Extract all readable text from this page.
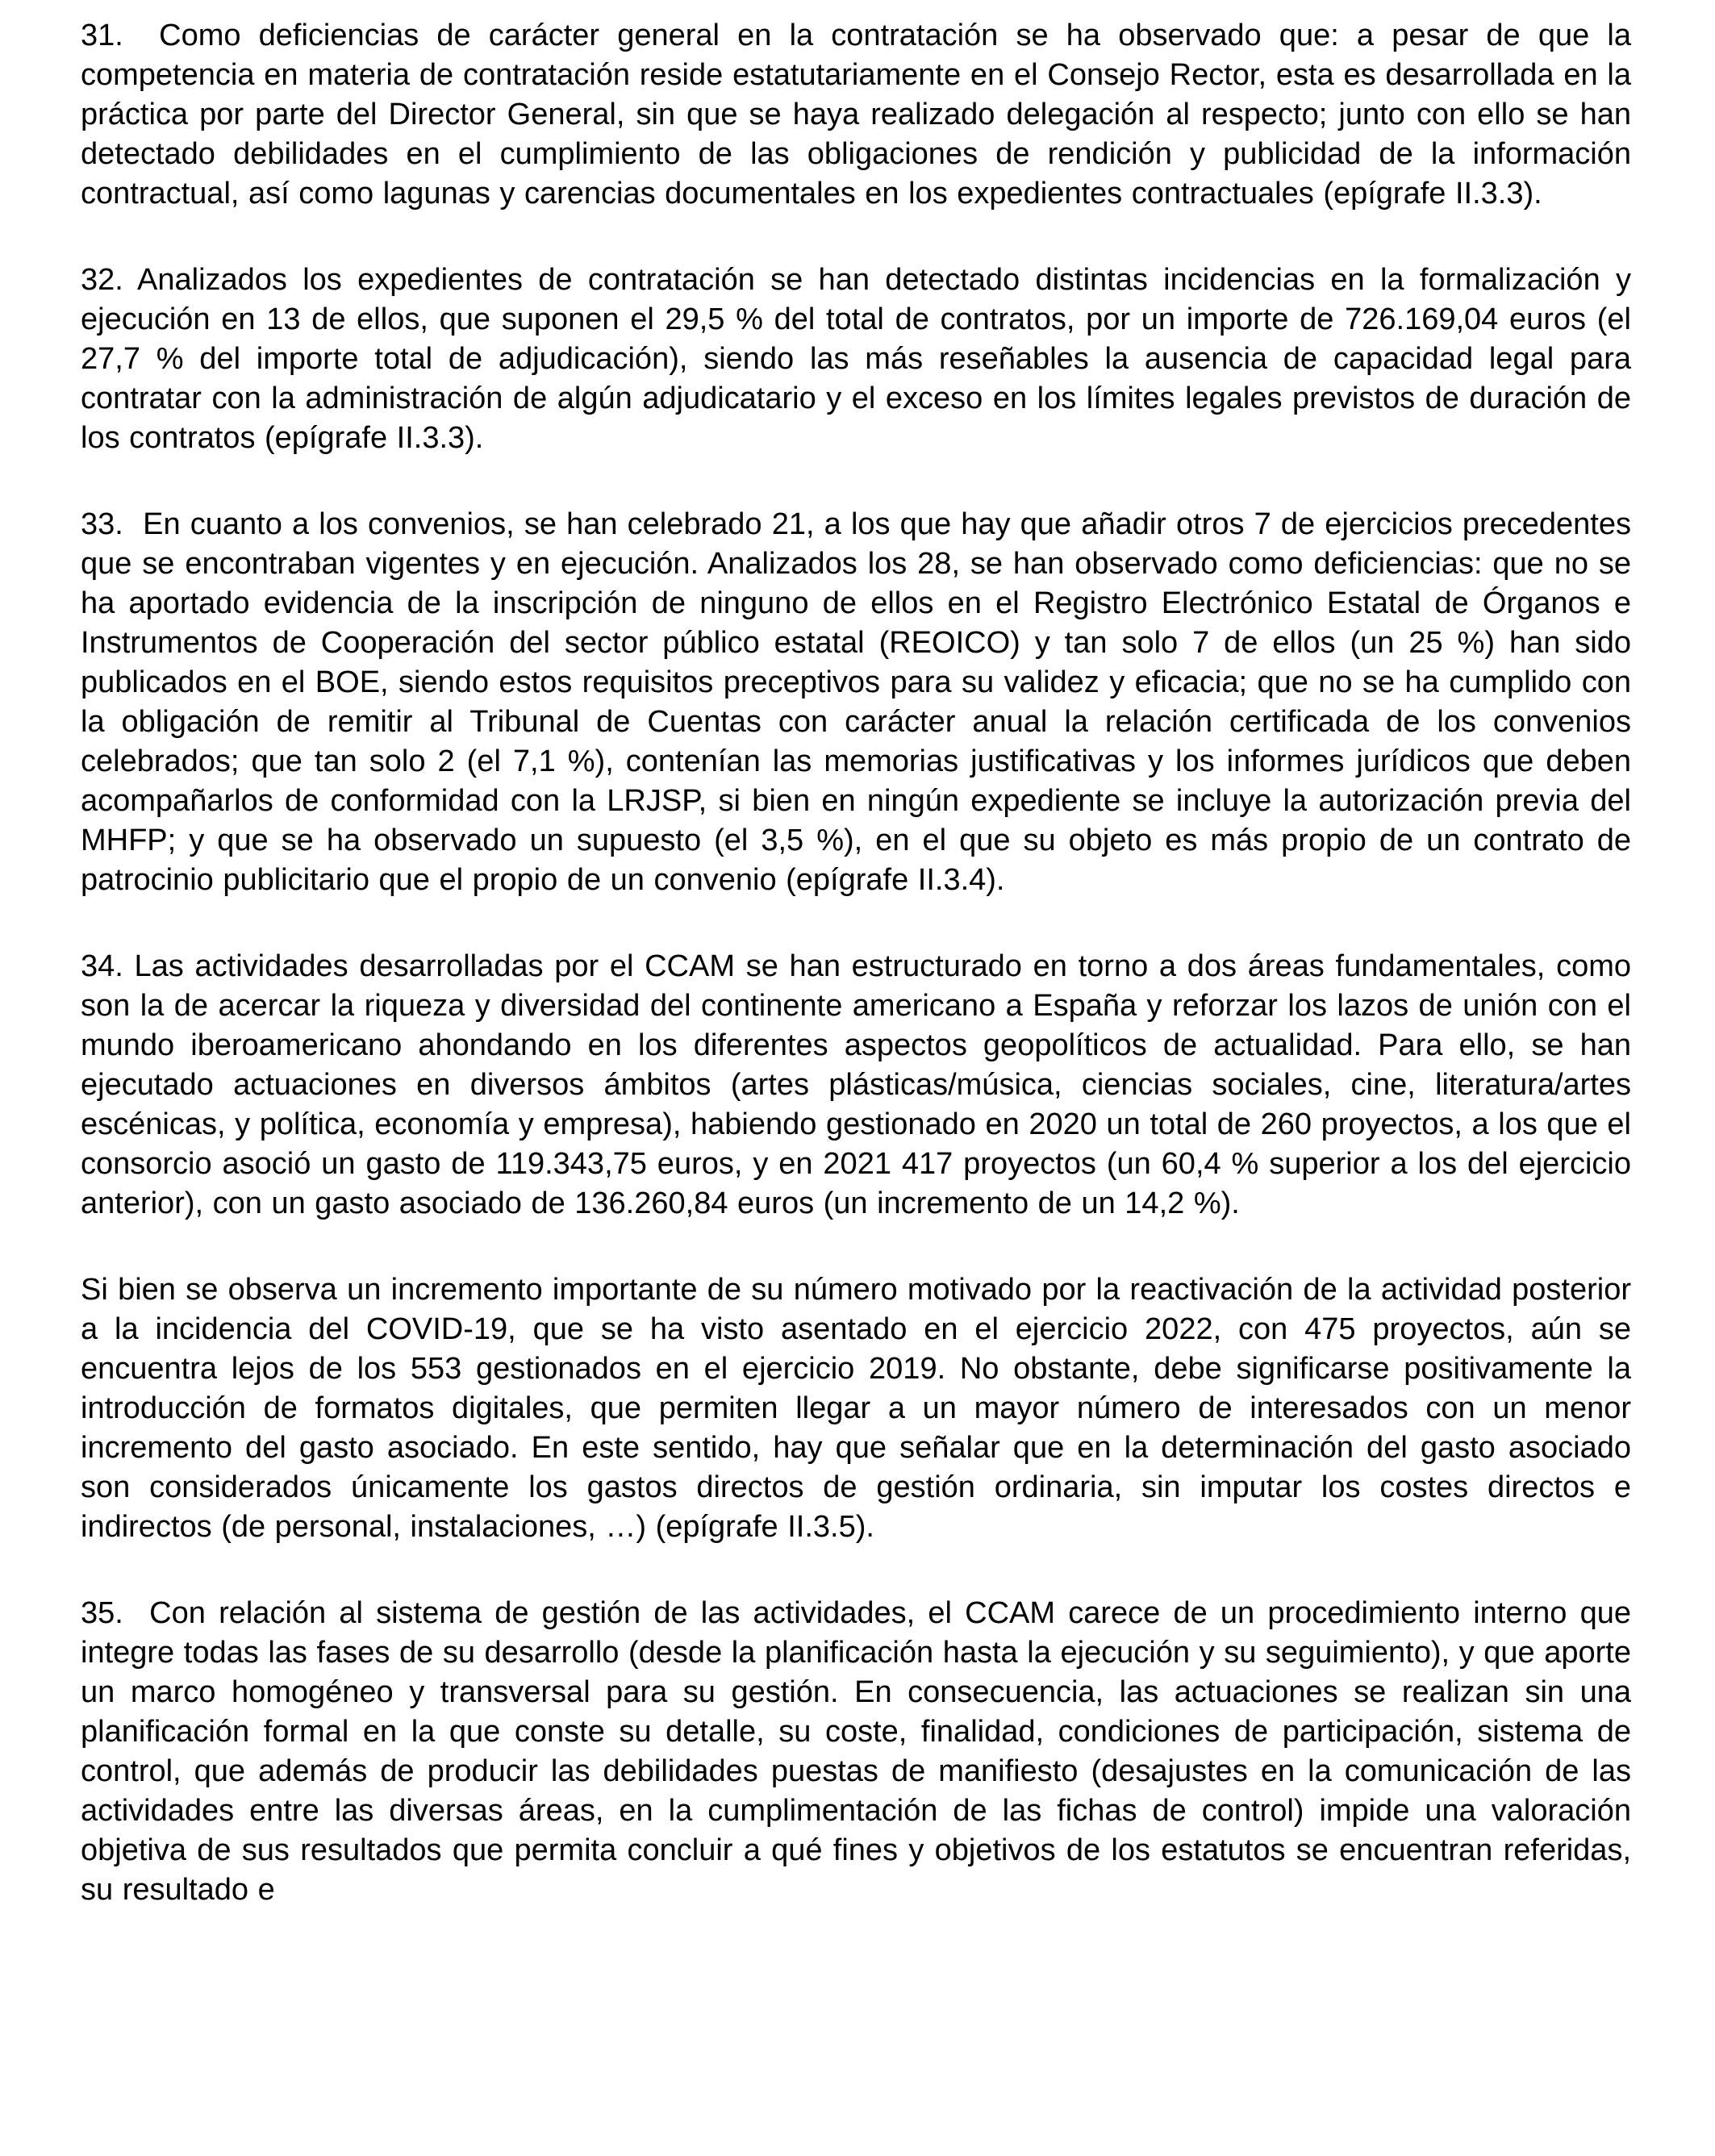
31.  Como deficiencias de carácter general en la contratación se ha observado que: a pesar de que la competencia en materia de contratación reside estatutariamente en el Consejo Rector, esta es desarrollada en la práctica por parte del Director General, sin que se haya realizado delegación al respecto; junto con ello se han detectado debilidades en el cumplimiento de las obligaciones de rendición y publicidad de la información contractual, así como lagunas y carencias documentales en los expedientes contractuales (epígrafe II.3.3).

32. Analizados los expedientes de contratación se han detectado distintas incidencias en la formalización y ejecución en 13 de ellos, que suponen el 29,5 % del total de contratos, por un importe de 726.169,04 euros (el 27,7 % del importe total de adjudicación), siendo las más reseñables la ausencia de capacidad legal para contratar con la administración de algún adjudicatario y el exceso en los límites legales previstos de duración de los contratos (epígrafe II.3.3).

33.  En cuanto a los convenios, se han celebrado 21, a los que hay que añadir otros 7 de ejercicios precedentes que se encontraban vigentes y en ejecución. Analizados los 28, se han observado como deficiencias: que no se ha aportado evidencia de la inscripción de ninguno de ellos en el Registro Electrónico Estatal de Órganos e Instrumentos de Cooperación del sector público estatal (REOICO) y tan solo 7 de ellos (un 25 %) han sido publicados en el BOE, siendo estos requisitos preceptivos para su validez y eficacia; que no se ha cumplido con la obligación de remitir al Tribunal de Cuentas con carácter anual la relación certificada de los convenios celebrados; que tan solo 2 (el 7,1 %), contenían las memorias justificativas y los informes jurídicos que deben acompañarlos de conformidad con la LRJSP, si bien en ningún expediente se incluye la autorización previa del MHFP; y que se ha observado un supuesto (el 3,5 %), en el que su objeto es más propio de un contrato de patrocinio publicitario que el propio de un convenio (epígrafe II.3.4).

34. Las actividades desarrolladas por el CCAM se han estructurado en torno a dos áreas fundamentales, como son la de acercar la riqueza y diversidad del continente americano a España y reforzar los lazos de unión con el mundo iberoamericano ahondando en los diferentes aspectos geopolíticos de actualidad. Para ello, se han ejecutado actuaciones en diversos ámbitos (artes plásticas/música, ciencias sociales, cine, literatura/artes escénicas, y política, economía y empresa), habiendo gestionado en 2020 un total de 260 proyectos, a los que el consorcio asoció un gasto de 119.343,75 euros, y en 2021 417 proyectos (un 60,4 % superior a los del ejercicio anterior), con un gasto asociado de 136.260,84 euros (un incremento de un 14,2 %).

Si bien se observa un incremento importante de su número motivado por la reactivación de la actividad posterior a la incidencia del COVID-19, que se ha visto asentado en el ejercicio 2022, con 475 proyectos, aún se encuentra lejos de los 553 gestionados en el ejercicio 2019. No obstante, debe significarse positivamente la introducción de formatos digitales, que permiten llegar a un mayor número de interesados con un menor incremento del gasto asociado. En este sentido, hay que señalar que en la determinación del gasto asociado son considerados únicamente los gastos directos de gestión ordinaria, sin imputar los costes directos e indirectos (de personal, instalaciones, …) (epígrafe II.3.5).

35.  Con relación al sistema de gestión de las actividades, el CCAM carece de un procedimiento interno que integre todas las fases de su desarrollo (desde la planificación hasta la ejecución y su seguimiento), y que aporte un marco homogéneo y transversal para su gestión. En consecuencia, las actuaciones se realizan sin una planificación formal en la que conste su detalle, su coste, finalidad, condiciones de participación, sistema de control, que además de producir las debilidades puestas de manifiesto (desajustes en la comunicación de las actividades entre las diversas áreas, en la cumplimentación de las fichas de control) impide una valoración objetiva de sus resultados que permita concluir a qué fines y objetivos de los estatutos se encuentran referidas, su resultado e
